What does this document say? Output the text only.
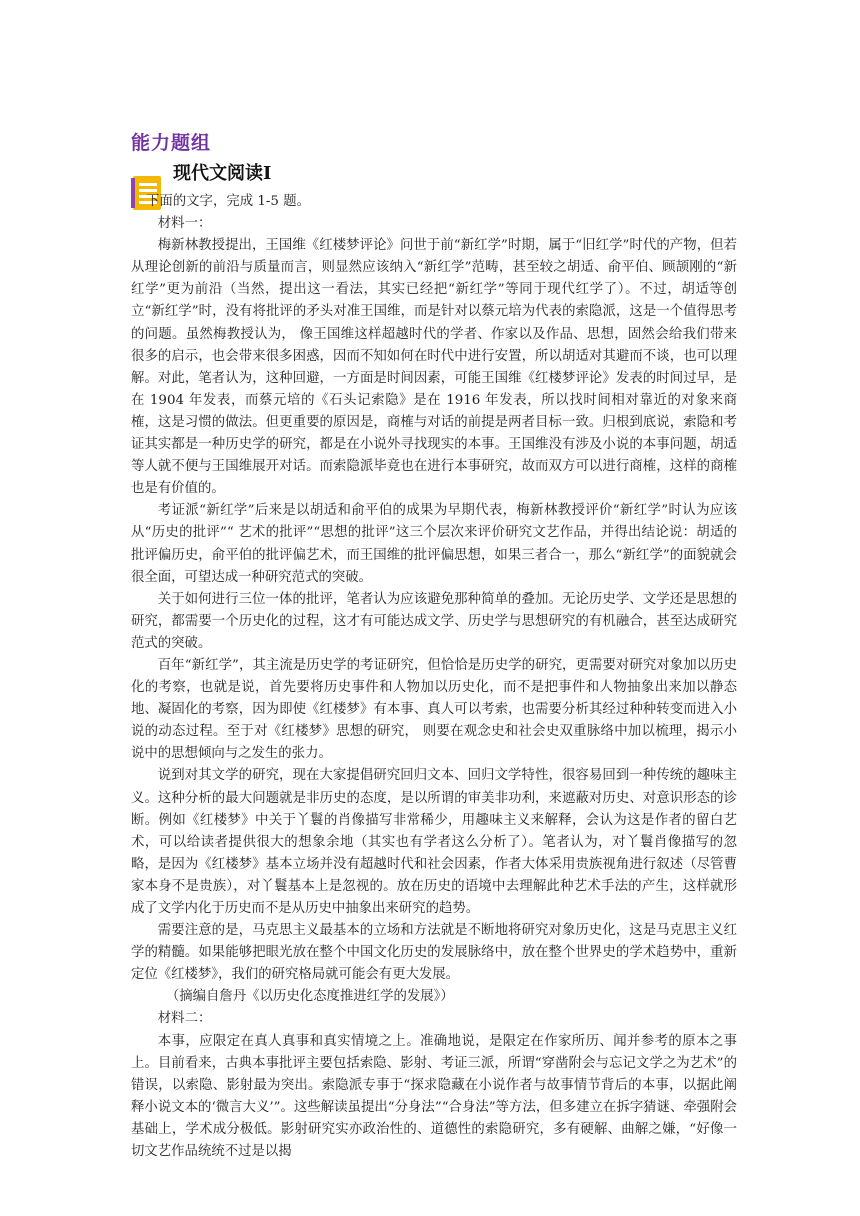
能力题组
现代文阅读Ⅰ

下面的文字，完成 1-5 题。

材料一：

梅新林教授提出，王国维《红楼梦评论》问世于前“新红学”时期，属于“旧红学”时代的产物，但若从理论创新的前沿与质量而言，则显然应该纳入“新红学”范畴，甚至较之胡适、俞平伯、顾颉刚的“新红学”更为前沿（当然，提出这一看法，其实已经把“新红学”等同于现代红学了）。不过，胡适等创立“新红学”时，没有将批评的矛头对准王国维，而是针对以蔡元培为代表的索隐派，这是一个值得思考的问题。虽然梅教授认为， 像王国维这样超越时代的学者、作家以及作品、思想，固然会给我们带来很多的启示，也会带来很多困惑，因而不知如何在时代中进行安置，所以胡适对其避而不谈，也可以理解。对此，笔者认为，这种回避，一方面是时间因素，可能王国维《红楼梦评论》发表的时间过早，是在 1904 年发表，而蔡元培的《石头记索隐》是在 1916 年发表，所以找时间相对靠近的对象来商榷，这是习惯的做法。但更重要的原因是，商榷与对话的前提是两者目标一致。归根到底说，索隐和考证其实都是一种历史学的研究，都是在小说外寻找现实的本事。王国维没有涉及小说的本事问题，胡适等人就不便与王国维展开对话。而索隐派毕竟也在进行本事研究，故而双方可以进行商榷，这样的商榷也是有价值的。

考证派“新红学”后来是以胡适和俞平伯的成果为早期代表，梅新林教授评价“新红学”时认为应该从“历史的批评”“ 艺术的批评”“思想的批评”这三个层次来评价研究文艺作品，并得出结论说：胡适的批评偏历史，俞平伯的批评偏艺术，而王国维的批评偏思想，如果三者合一，那么“新红学”的面貌就会很全面，可望达成一种研究范式的突破。

关于如何进行三位一体的批评，笔者认为应该避免那种简单的叠加。无论历史学、文学还是思想的研究，都需要一个历史化的过程，这才有可能达成文学、历史学与思想研究的有机融合，甚至达成研究范式的突破。

百年“新红学”，其主流是历史学的考证研究，但恰恰是历史学的研究，更需要对研究对象加以历史化的考察，也就是说，首先要将历史事件和人物加以历史化，而不是把事件和人物抽象出来加以静态地、凝固化的考察，因为即使《红楼梦》有本事、真人可以考索，也需要分析其经过种种转变而进入小说的动态过程。至于对《红楼梦》思想的研究， 则要在观念史和社会史双重脉络中加以梳理，揭示小说中的思想倾向与之发生的张力。

说到对其文学的研究，现在大家提倡研究回归文本、回归文学特性，很容易回到一种传统的趣味主义。这种分析的最大问题就是非历史的态度，是以所谓的审美非功利，来遮蔽对历史、对意识形态的诊断。例如《红楼梦》中关于丫鬟的肖像描写非常稀少，用趣味主义来解释，会认为这是作者的留白艺术，可以给读者提供很大的想象余地（其实也有学者这么分析了）。笔者认为，对丫鬟肖像描写的忽略，是因为《红楼梦》基本立场并没有超越时代和社会因素，作者大体采用贵族视角进行叙述（尽管曹家本身不是贵族），对丫鬟基本上是忽视的。放在历史的语境中去理解此种艺术手法的产生，这样就形成了文学内化于历史而不是从历史中抽象出来研究的趋势。

需要注意的是，马克思主义最基本的立场和方法就是不断地将研究对象历史化，这是马克思主义红学的精髓。如果能够把眼光放在整个中国文化历史的发展脉络中，放在整个世界史的学术趋势中，重新定位《红楼梦》，我们的研究格局就可能会有更大发展。

（摘编自詹丹《以历史化态度推进红学的发展》）

材料二：

本事，应限定在真人真事和真实情境之上。准确地说，是限定在作家所历、闻并参考的原本之事上。目前看来，古典本事批评主要包括索隐、影射、考证三派，所谓“穿凿附会与忘记文学之为艺术”的错误，以索隐、影射最为突出。索隐派专事于“探求隐藏在小说作者与故事情节背后的本事，以据此阐释小说文本的‘微言大义’”。这些解读虽提出“分身法”“合身法”等方法，但多建立在拆字猜谜、牵强附会基础上，学术成分极低。影射研究实亦政治性的、道德性的索隐研究，多有硬解、曲解之嫌，“好像一切文艺作品统统不过是以揭
